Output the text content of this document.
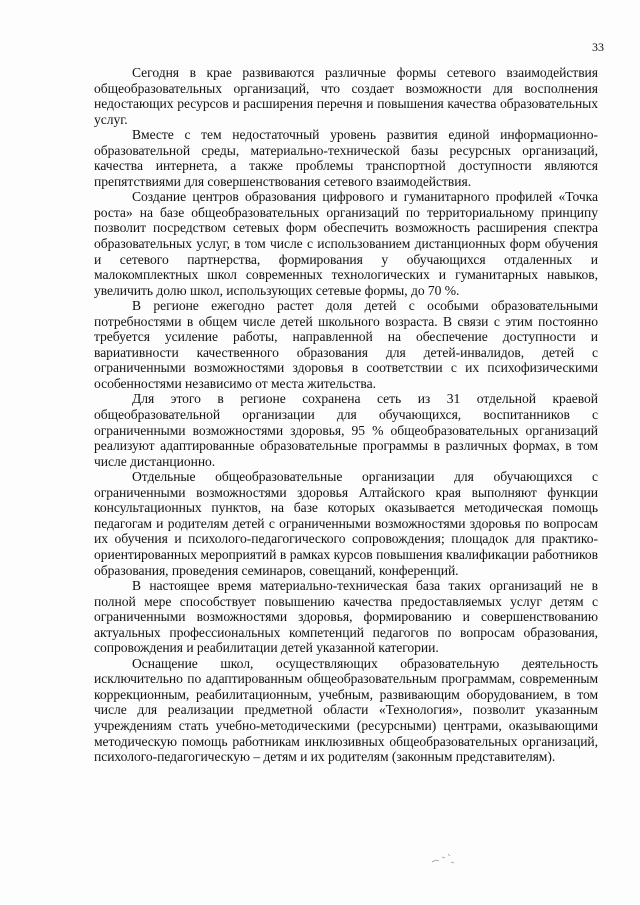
33

Сегодня в крае развиваются различные формы сетевого взаимодействия общеобразовательных организаций, что создает возможности для восполнения недостающих ресурсов и расширения перечня и повышения качества образовательных услуг.

Вместе с тем недостаточный уровень развития единой информационно-образовательной среды, материально-технической базы ресурсных организаций, качества интернета, а также проблемы транспортной доступности являются препятствиями для совершенствования сетевого взаимодействия.

Создание центров образования цифрового и гуманитарного профилей «Точка роста» на базе общеобразовательных организаций по территориальному принципу позволит посредством сетевых форм обеспечить возможность расширения спектра образовательных услуг, в том числе с использованием дистанционных форм обучения и сетевого партнерства, формирования у обучающихся отдаленных и малокомплектных школ современных технологических и гуманитарных навыков, увеличить долю школ, использующих сетевые формы, до 70 %.

В регионе ежегодно растет доля детей с особыми образовательными потребностями в общем числе детей школьного возраста. В связи с этим постоянно требуется усиление работы, направленной на обеспечение доступности и вариативности качественного образования для детей-инвалидов, детей с ограниченными возможностями здоровья в соответствии с их психофизическими особенностями независимо от места жительства.

Для этого в регионе сохранена сеть из 31 отдельной краевой общеобразовательной организации для обучающихся, воспитанников с ограниченными возможностями здоровья, 95 % общеобразовательных организаций реализуют адаптированные образовательные программы в различных формах, в том числе дистанционно.

Отдельные общеобразовательные организации для обучающихся с ограниченными возможностями здоровья Алтайского края выполняют функции консультационных пунктов, на базе которых оказывается методическая помощь педагогам и родителям детей с ограниченными возможностями здоровья по вопросам их обучения и психолого-педагогического сопровождения; площадок для практико-ориентированных мероприятий в рамках курсов повышения квалификации работников образования, проведения семинаров, совещаний, конференций.

В настоящее время материально-техническая база таких организаций не в полной мере способствует повышению качества предоставляемых услуг детям с ограниченными возможностями здоровья, формированию и совершенствованию актуальных профессиональных компетенций педагогов по вопросам образования, сопровождения и реабилитации детей указанной категории.

Оснащение школ, осуществляющих образовательную деятельность исключительно по адаптированным общеобразовательным программам, современным коррекционным, реабилитационным, учебным, развивающим оборудованием, в том числе для реализации предметной области «Технология», позволит указанным учреждениям стать учебно-методическими (ресурсными) центрами, оказывающими методическую помощь работникам инклюзивных общеобразовательных организаций, психолого-педагогическую – детям и их родителям (законным представителям).
